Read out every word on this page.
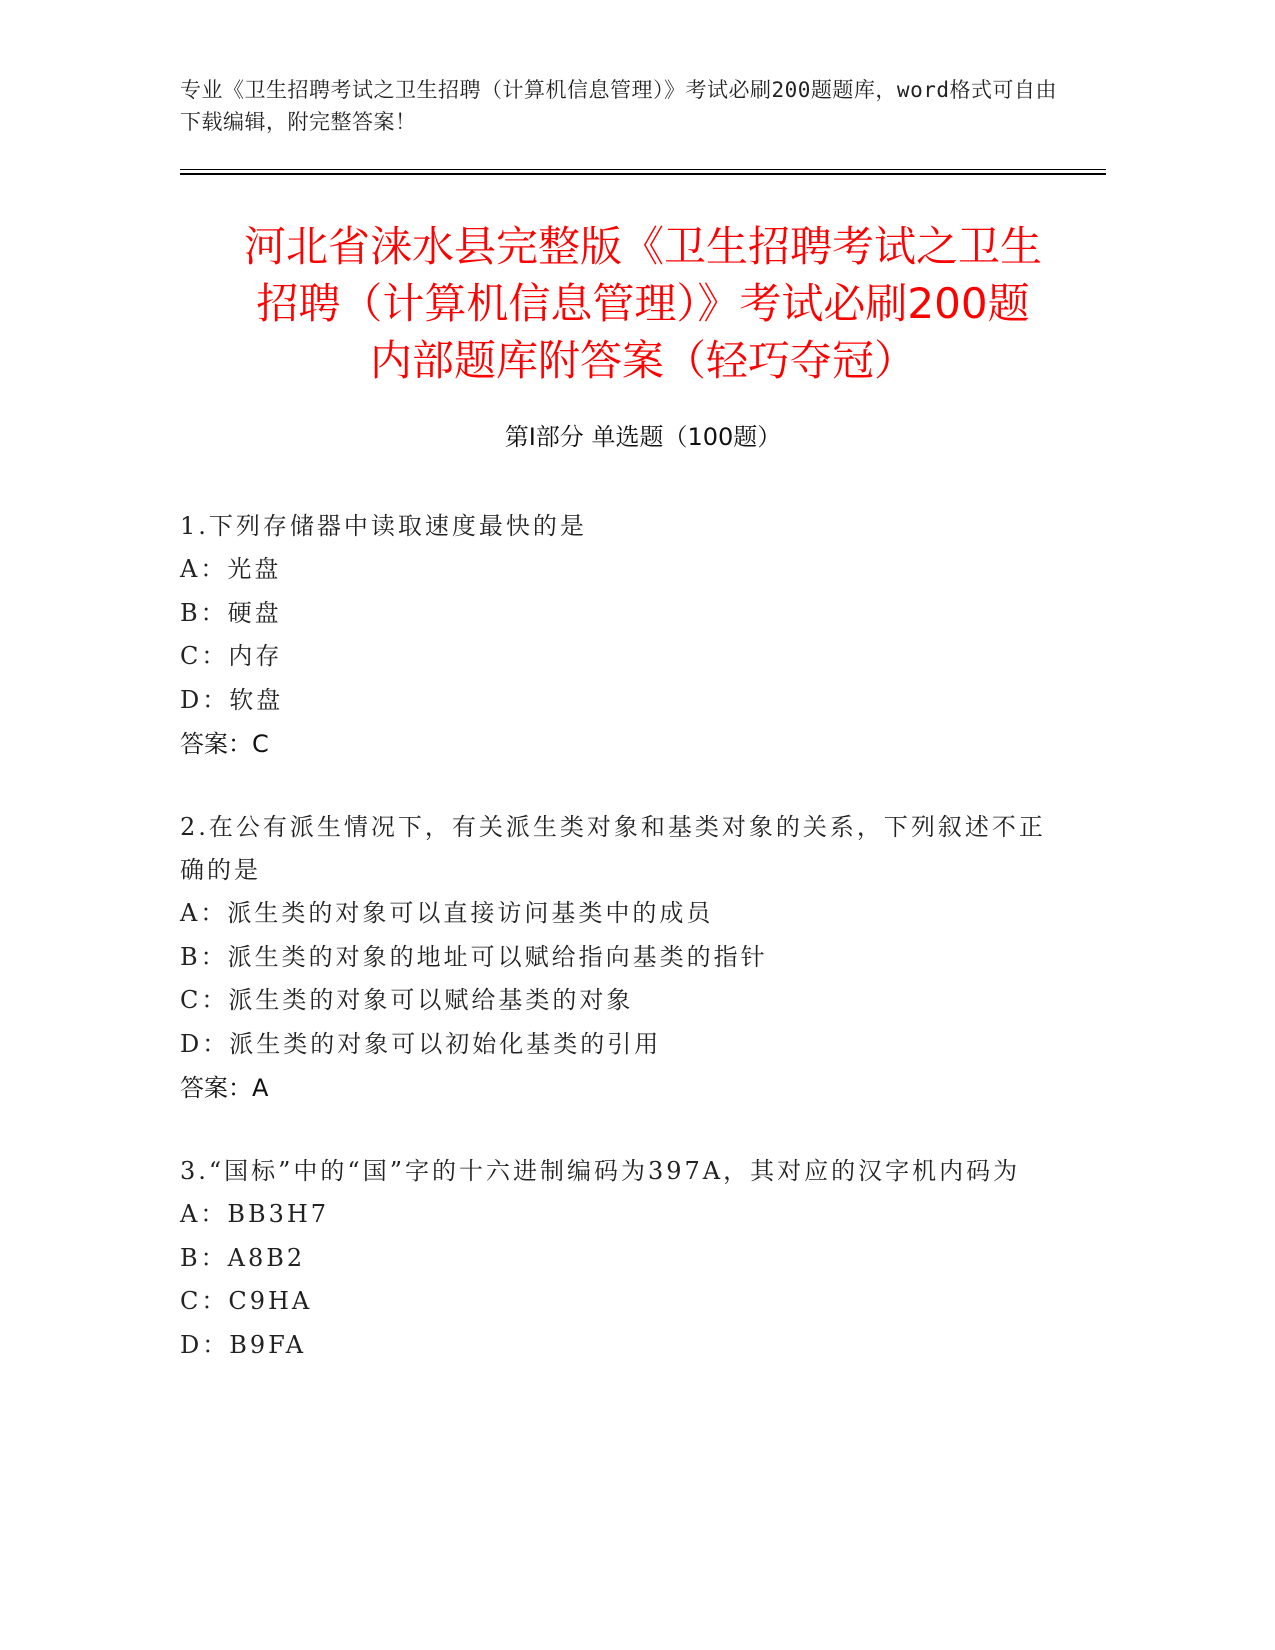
专业《卫生招聘考试之卫生招聘（计算机信息管理）》考试必刷200题题库，word格式可自由下载编辑，附完整答案！
河北省涞水县完整版《卫生招聘考试之卫生
招聘（计算机信息管理）》考试必刷200题
内部题库附答案（轻巧夺冠）
第Ⅰ部分 单选题（100题）
1.下列存储器中读取速度最快的是
A：光盘
B：硬盘
C：内存
D：软盘
答案：C
2.在公有派生情况下，有关派生类对象和基类对象的关系，下列叙述不正确的是
A：派生类的对象可以直接访问基类中的成员
B：派生类的对象的地址可以赋给指向基类的指针
C：派生类的对象可以赋给基类的对象
D：派生类的对象可以初始化基类的引用
答案：A
3.“国标”中的“国”字的十六进制编码为397A，其对应的汉字机内码为
A：BB3H7
B：A8B2
C：C9HA
D：B9FA
